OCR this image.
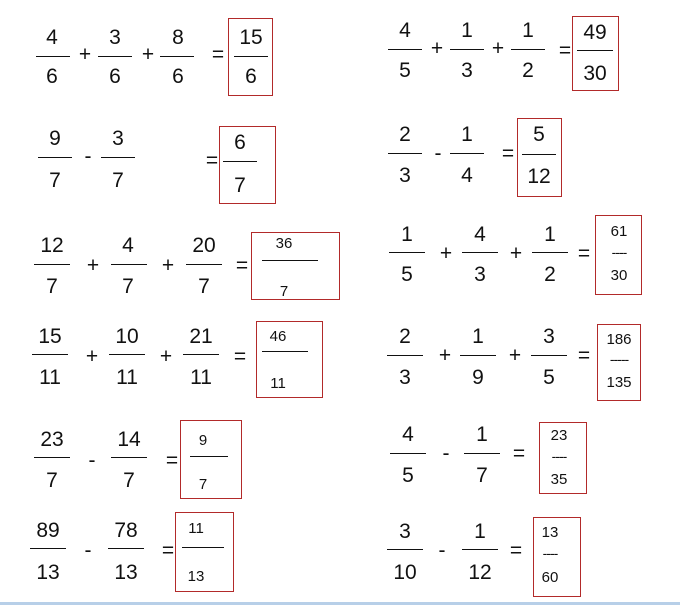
4
6
+
3
6
+
8
6
=
15
6
9
7
-
3
7
=
6
7
12
7
+
4
7
+
20
7
=
36
7
15
11
+
10
11
+
21
11
=
46
11
23
7
-
14
7
=
9
7
89
13
-
78
13
=
11
13
4
5
+
1
3
+
1
2
=
49
30
2
3
-
1
4
=
5
12
1
5
+
4
3
+
1
2
=
61
----
30
2
3
+
1
9
+
3
5
=
186
-----
135
4
5
-
1
7
=
23
----
35
3
10
-
1
12
=
13
----
60
